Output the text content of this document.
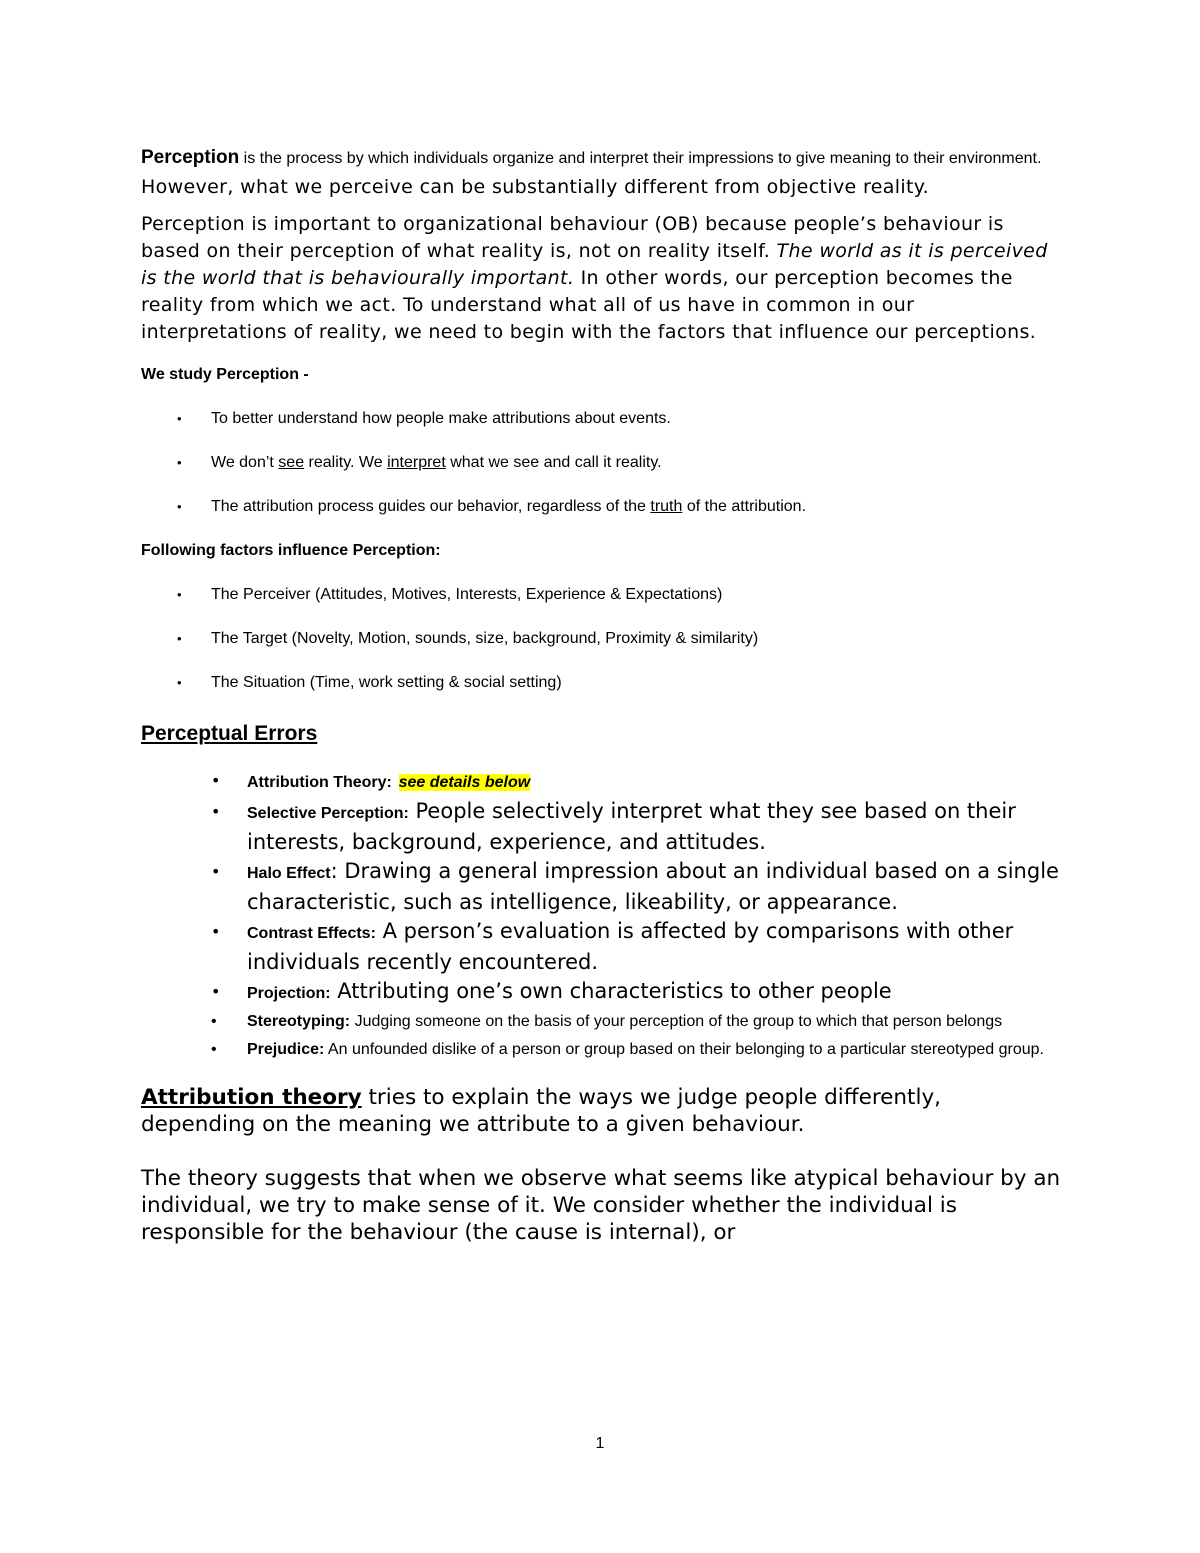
Perception is the process by which individuals organize and interpret their impressions to give meaning to their environment. However, what we perceive can be substantially different from objective reality.

Perception is important to organizational behaviour (OB) because people’s behaviour is based on their perception of what reality is, not on reality itself. The world as it is perceived is the world that is behaviourally important. In other words, our perception becomes the reality from which we act. To understand what all of us have in common in our interpretations of reality, we need to begin with the factors that influence our perceptions.

We study Perception -
• To better understand how people make attributions about events.
• We don’t see reality. We interpret what we see and call it reality.
• The attribution process guides our behavior, regardless of the truth of the attribution.
Following factors influence Perception:
• The Perceiver (Attitudes, Motives, Interests, Experience & Expectations)
• The Target (Novelty, Motion, sounds, size, background, Proximity & similarity)
• The Situation (Time, work setting & social setting)
Perceptual Errors
• Attribution Theory: see details below
• Selective Perception: People selectively interpret what they see based on their interests, background, experience, and attitudes.
• Halo Effect: Drawing a general impression about an individual based on a single characteristic, such as intelligence, likeability, or appearance.
• Contrast Effects: A person’s evaluation is affected by comparisons with other individuals recently encountered.
• Projection: Attributing one’s own characteristics to other people
• Stereotyping: Judging someone on the basis of your perception of the group to which that person belongs
• Prejudice: An unfounded dislike of a person or group based on their belonging to a particular stereotyped group.

Attribution theory tries to explain the ways we judge people differently, depending on the meaning we attribute to a given behaviour.

The theory suggests that when we observe what seems like atypical behaviour by an individual, we try to make sense of it. We consider whether the individual is responsible for the behaviour (the cause is internal), or

1
